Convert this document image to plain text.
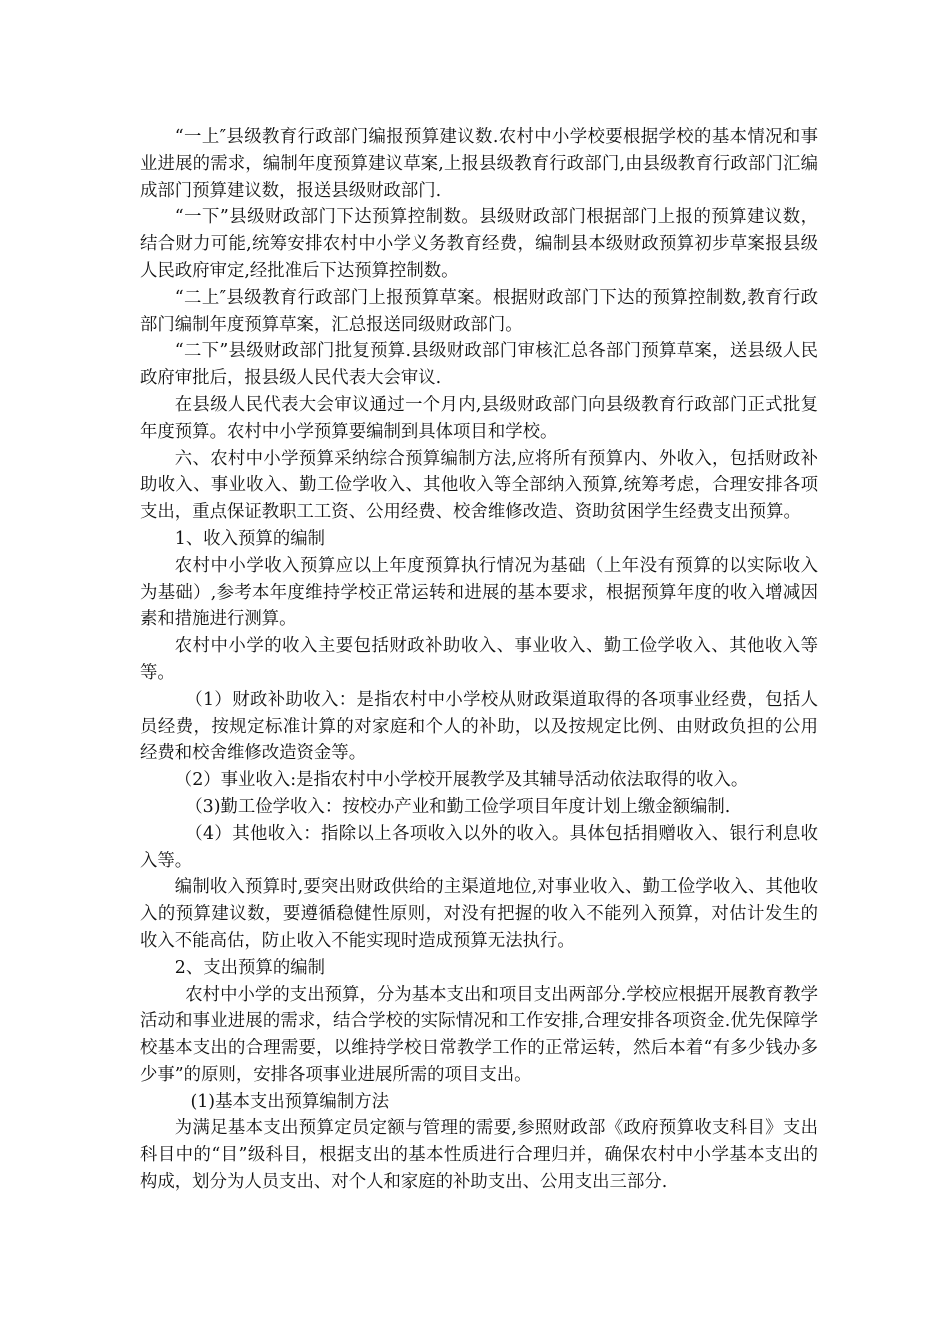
“一上″县级教育行政部门编报预算建议数.农村中小学校要根据学校的基本情况和事业进展的需求，编制年度预算建议草案,上报县级教育行政部门,由县级教育行政部门汇编成部门预算建议数，报送县级财政部门.

“一下”县级财政部门下达预算控制数。县级财政部门根据部门上报的预算建议数，结合财力可能,统筹安排农村中小学义务教育经费，编制县本级财政预算初步草案报县级人民政府审定,经批准后下达预算控制数。

“二上″县级教育行政部门上报预算草案。根据财政部门下达的预算控制数,教育行政部门编制年度预算草案，汇总报送同级财政部门。

“二下”县级财政部门批复预算.县级财政部门审核汇总各部门预算草案，送县级人民政府审批后，报县级人民代表大会审议.

在县级人民代表大会审议通过一个月内,县级财政部门向县级教育行政部门正式批复年度预算。农村中小学预算要编制到具体项目和学校。

六、农村中小学预算采纳综合预算编制方法,应将所有预算内、外收入，包括财政补助收入、事业收入、勤工俭学收入、其他收入等全部纳入预算,统筹考虑，合理安排各项支出，重点保证教职工工资、公用经费、校舍维修改造、资助贫困学生经费支出预算。

1、收入预算的编制

农村中小学收入预算应以上年度预算执行情况为基础（上年没有预算的以实际收入为基础）,参考本年度维持学校正常运转和进展的基本要求，根据预算年度的收入增减因素和措施进行测算。

农村中小学的收入主要包括财政补助收入、事业收入、勤工俭学收入、其他收入等等。

（1）财政补助收入：是指农村中小学校从财政渠道取得的各项事业经费，包括人员经费，按规定标准计算的对家庭和个人的补助，以及按规定比例、由财政负担的公用经费和校舍维修改造资金等。

（2）事业收入:是指农村中小学校开展教学及其辅导活动依法取得的收入。

（3)勤工俭学收入：按校办产业和勤工俭学项目年度计划上缴金额编制.

（4）其他收入：指除以上各项收入以外的收入。具体包括捐赠收入、银行利息收入等。

编制收入预算时,要突出财政供给的主渠道地位,对事业收入、勤工俭学收入、其他收入的预算建议数，要遵循稳健性原则，对没有把握的收入不能列入预算，对估计发生的收入不能高估，防止收入不能实现时造成预算无法执行。

2、支出预算的编制

农村中小学的支出预算，分为基本支出和项目支出两部分.学校应根据开展教育教学活动和事业进展的需求，结合学校的实际情况和工作安排,合理安排各项资金.优先保障学校基本支出的合理需要，以维持学校日常教学工作的正常运转，然后本着“有多少钱办多少事”的原则，安排各项事业进展所需的项目支出。

(1)基本支出预算编制方法

为满足基本支出预算定员定额与管理的需要,参照财政部《政府预算收支科目》支出科目中的“目”级科目，根据支出的基本性质进行合理归并，确保农村中小学基本支出的构成，划分为人员支出、对个人和家庭的补助支出、公用支出三部分.
